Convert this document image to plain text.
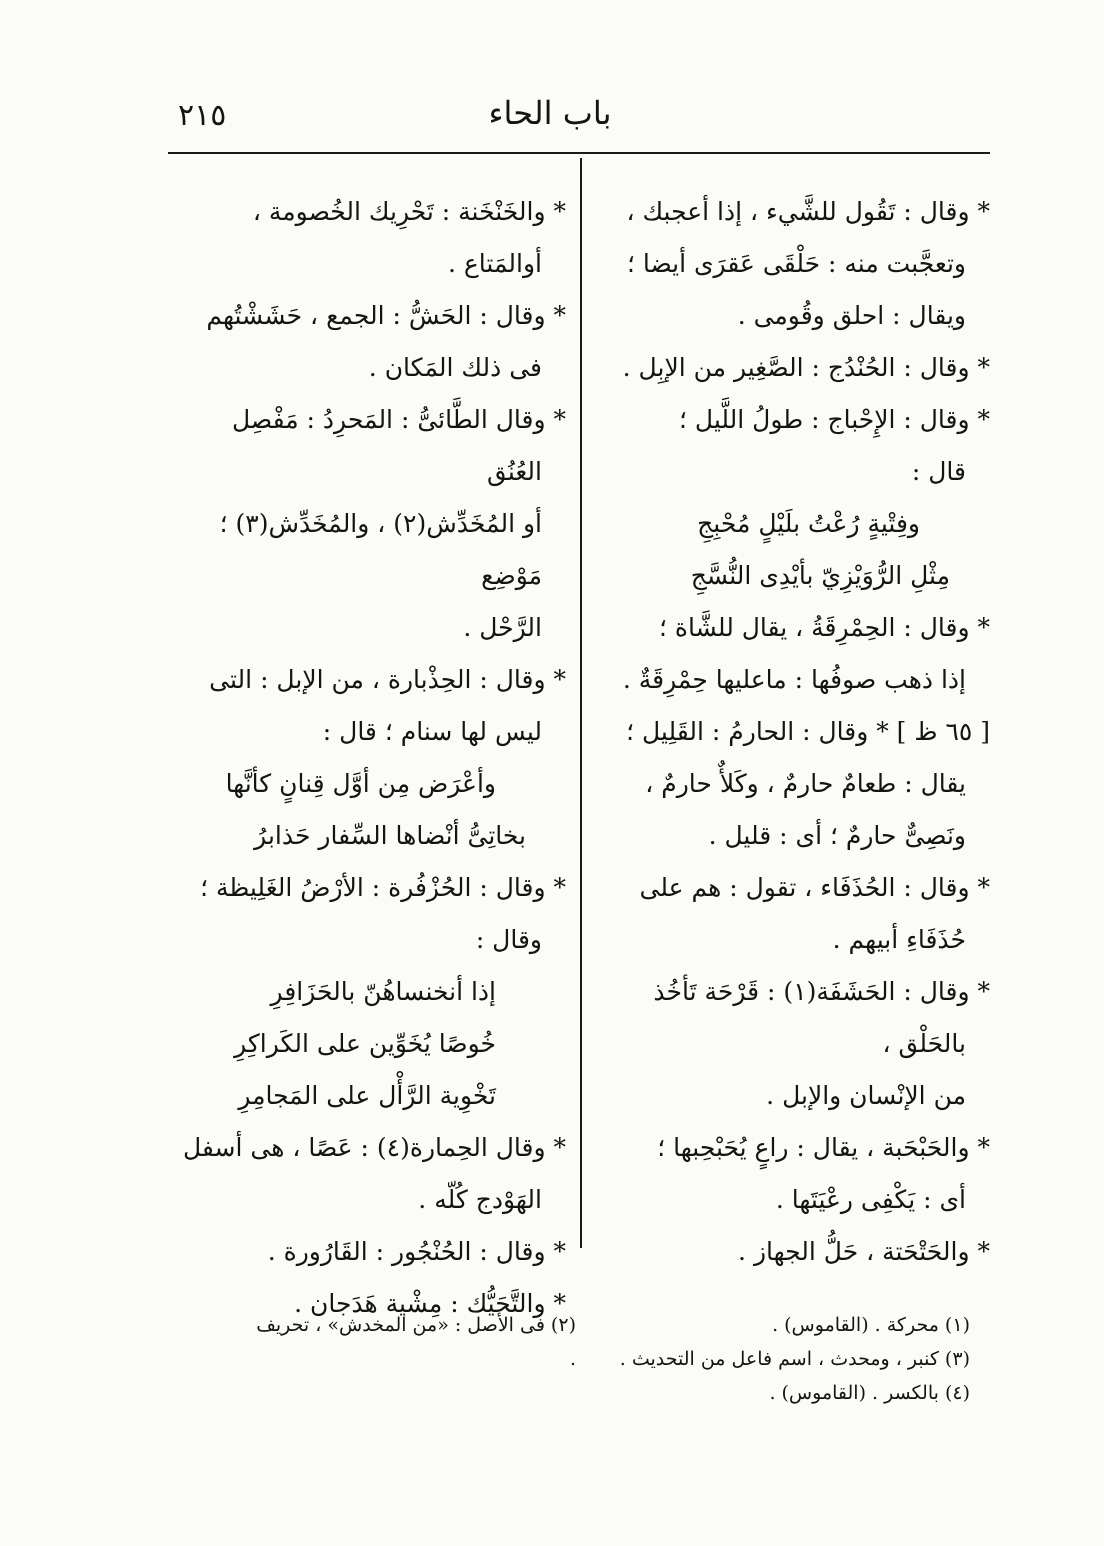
٢١٥	باب الحاء

* وقال : تَقُول للشَّيء ، إذا أعجبك ،

وتعجَّبت منه : حَلْقَى عَقرَى أيضا ؛

ويقال : احلق وقُومى .

* وقال : الحُنْدُج : الصَّغِير من الإبِل .

* وقال : الإِحْباج : طولُ اللَّيل ؛

قال :

وفِتْيةٍ رُعْتُ بلَيْلٍ مُحْبِجِ

مِثْلِ الرُّوَيْزِيّ بأيْدِى النُّسَّجِ

* وقال : الحِمْرِقَةُ ، يقال للشَّاة ؛

إذا ذهب صوفُها : ماعليها حِمْرِقَةٌ .

[ ٦٥ ظ ] * وقال : الحارمُ : القَلِيل ؛

يقال : طعامٌ حارمٌ ، وكَلأٌ حارمٌ ،

ونَصِىٌّ حارمٌ ؛ أى : قليل .

* وقال : الحُذَفَاء ، تقول : هم على

حُذَفَاءِ أبيهم .

* وقال : الحَشَفَة(١) : قَرْحَة تَأخُذ بالحَلْق ،

من الإنْسان والإبل .

* والحَبْحَبة ، يقال : راعٍ يُحَبْحِبها ؛

أى : يَكْفِى رعْيَتَها .

* والحَتْحَتة ، حَلُّ الجهاز .

* والخَنْخَنة : تَحْرِيك الخُصومة ،

أوالمَتاع .

* وقال : الحَشُّ : الجمع ، حَشَشْتُهم

فى ذلك المَكان .

* وقال الطَّائىُّ : المَحرِدُ : مَفْصِل العُنُق

أو المُخَدِّش(٢) ، والمُخَدِّش(٣) ؛ مَوْضِع

الرَّحْل .

* وقال : الحِذْبارة ، من الإبل : التى

ليس لها سنام ؛ قال :

وأعْرَض مِن أوَّل قِنانٍ كأنَّها

بخاتِىُّ أنْضاها السِّفار حَذابرُ

* وقال : الحُزْفُرة : الأرْضُ الغَلِيظة ؛

وقال :

إذا أنخنساهُنّ بالحَزَافِرِ

خُوصًا يُخَوِّين على الكَراكِرِ

تَخْوِية الرَّأْل على المَجامِرِ

* وقال الحِمارة(٤) : عَصًا ، هى أسفل

الهَوْدج كُلّه .

* وقال : الحُنْجُور : القَارُورة .

* والتَّحَيُّك : مِشْية هَدَجان .

(١) محركة . (القاموس) .

(٣) كنبر ، ومحدث ، اسم فاعل من التحديث .

(٤) بالكسر . (القاموس) .

(٢) فى الأصل : «من المخدش» ، تحريف .
